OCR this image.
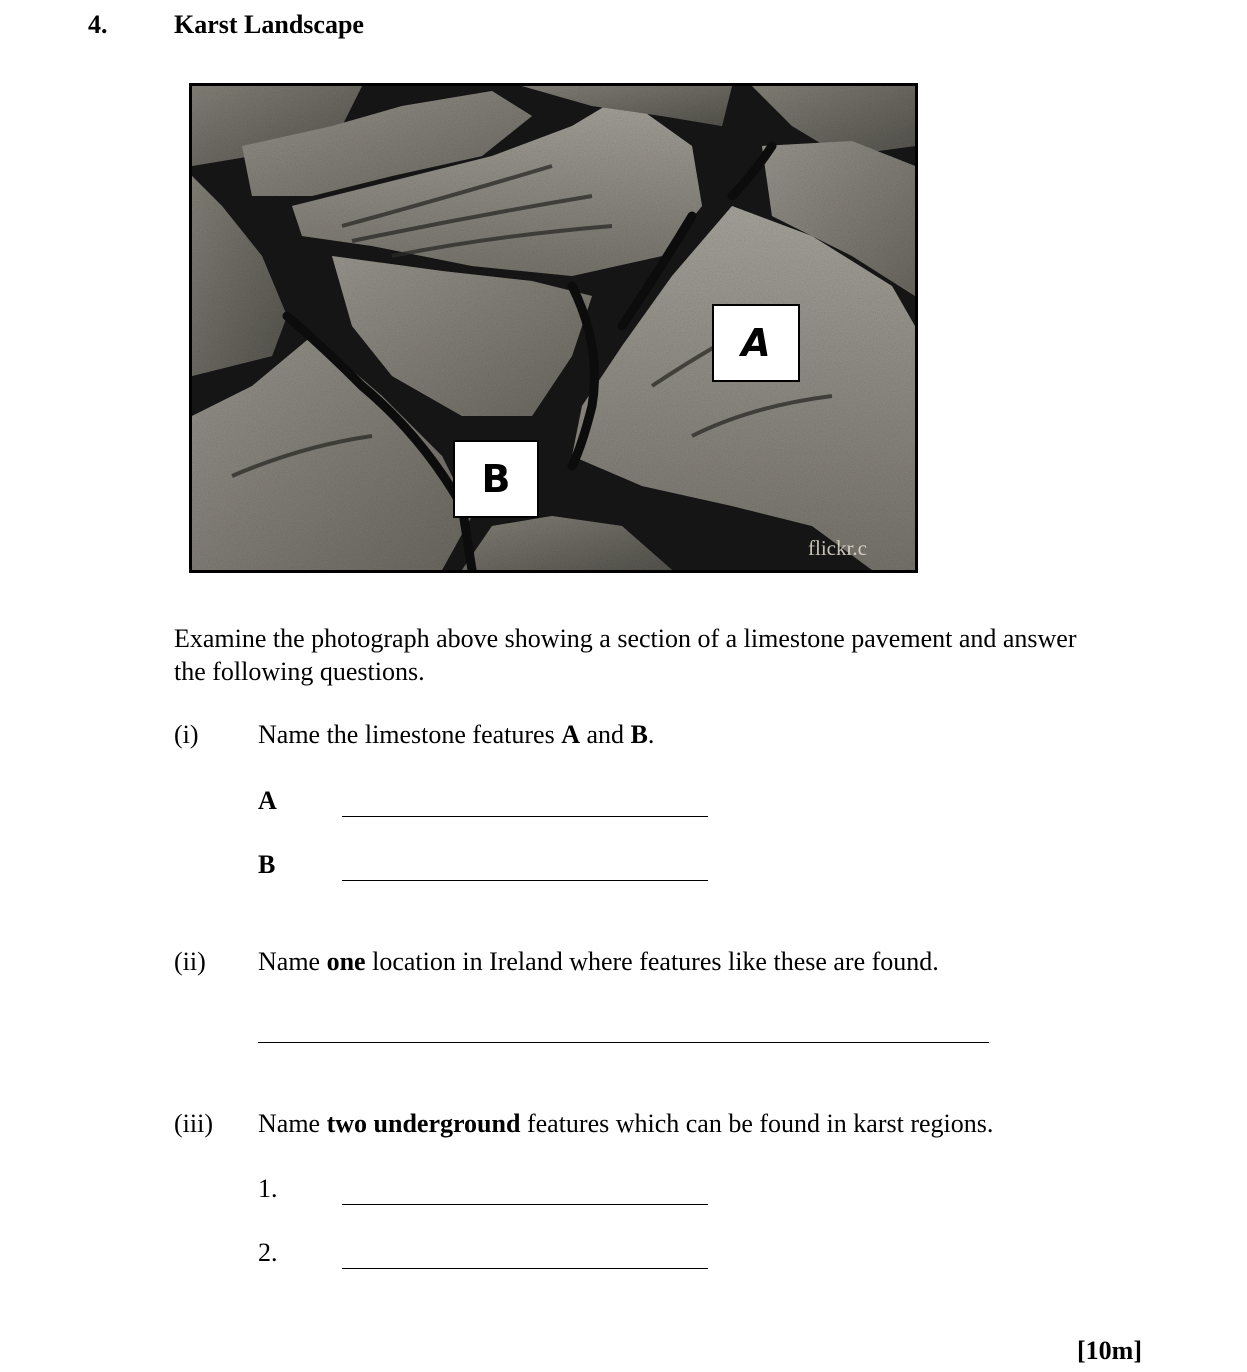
4.	Karst Landscape
A
B
flickr.c
Examine the photograph above showing a section of a limestone pavement and answer the following questions.
(i) Name the limestone features A and B.
A
B
(ii) Name one location in Ireland where features like these are found.
(iii) Name two underground features which can be found in karst regions.
1.
2.
[10m]
